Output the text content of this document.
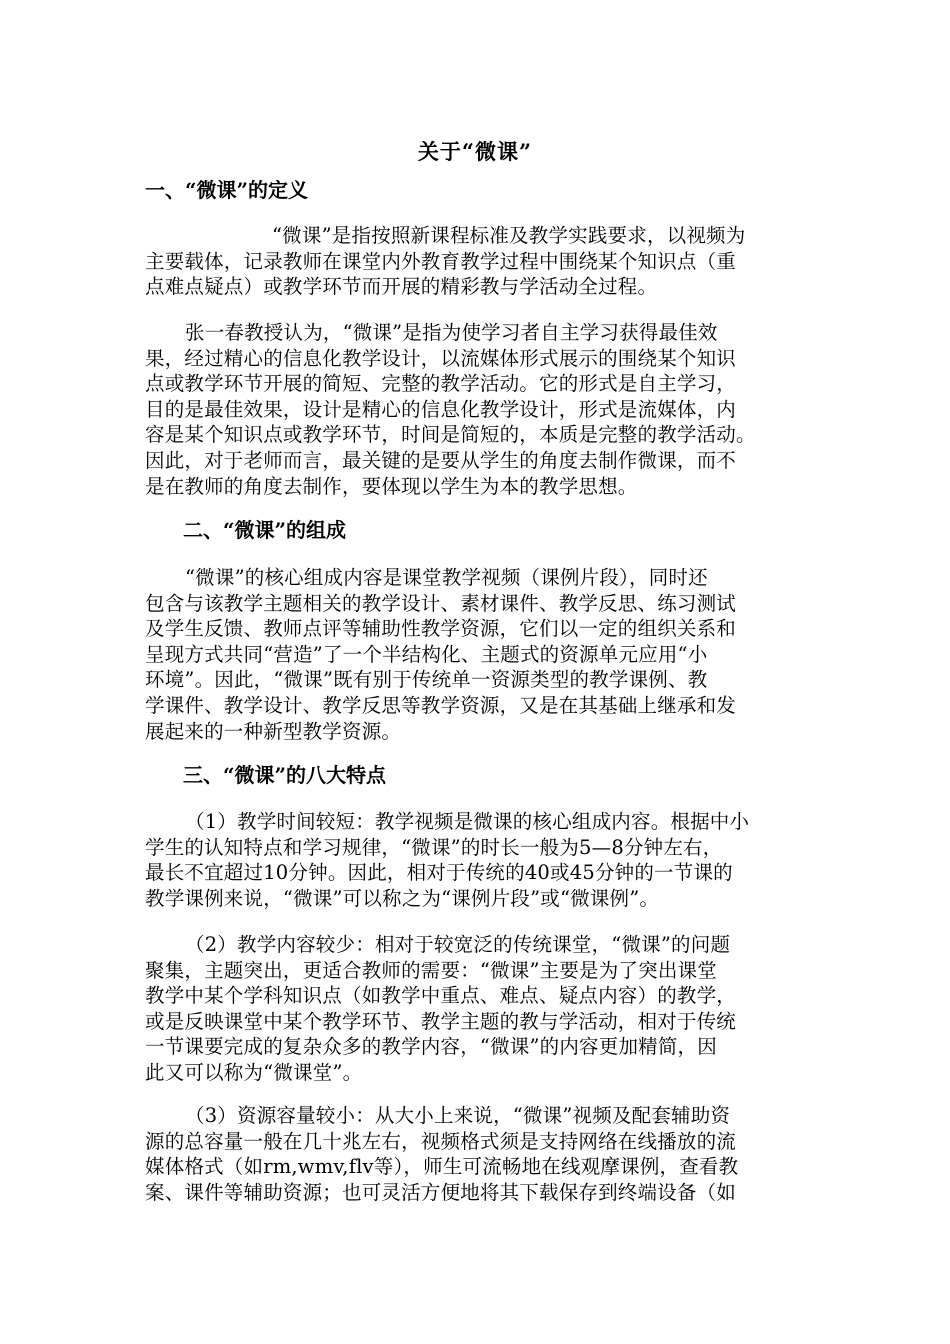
关于“微课”
一、“微课”的定义
“微课”是指按照新课程标准及教学实践要求，以视频为
主要载体，记录教师在课堂内外教育教学过程中围绕某个知识点（重
点难点疑点）或教学环节而开展的精彩教与学活动全过程。
张一春教授认为，“微课”是指为使学习者自主学习获得最佳效
果，经过精心的信息化教学设计，以流媒体形式展示的围绕某个知识
点或教学环节开展的简短、完整的教学活动。它的形式是自主学习，
目的是最佳效果，设计是精心的信息化教学设计，形式是流媒体，内
容是某个知识点或教学环节，时间是简短的，本质是完整的教学活动。
因此，对于老师而言，最关键的是要从学生的角度去制作微课，而不
是在教师的角度去制作，要体现以学生为本的教学思想。
二、“微课”的组成
“微课”的核心组成内容是课堂教学视频（课例片段），同时还
包含与该教学主题相关的教学设计、素材课件、教学反思、练习测试
及学生反馈、教师点评等辅助性教学资源，它们以一定的组织关系和
呈现方式共同“营造”了一个半结构化、主题式的资源单元应用“小
环境”。因此，“微课”既有别于传统单一资源类型的教学课例、教
学课件、教学设计、教学反思等教学资源，又是在其基础上继承和发
展起来的一种新型教学资源。
三、“微课”的八大特点
（1）教学时间较短：教学视频是微课的核心组成内容。根据中小
学生的认知特点和学习规律，“微课”的时长一般为5—8分钟左右，
最长不宜超过10分钟。因此，相对于传统的40或45分钟的一节课的
教学课例来说，“微课”可以称之为“课例片段”或“微课例”。
（2）教学内容较少：相对于较宽泛的传统课堂，“微课”的问题
聚集，主题突出，更适合教师的需要：“微课”主要是为了突出课堂
教学中某个学科知识点（如教学中重点、难点、疑点内容）的教学，
或是反映课堂中某个教学环节、教学主题的教与学活动，相对于传统
一节课要完成的复杂众多的教学内容，“微课”的内容更加精简，因
此又可以称为“微课堂”。
（3）资源容量较小：从大小上来说，“微课”视频及配套辅助资
源的总容量一般在几十兆左右，视频格式须是支持网络在线播放的流
媒体格式（如rm,wmv,flv等），师生可流畅地在线观摩课例，查看教
案、课件等辅助资源；也可灵活方便地将其下载保存到终端设备（如
